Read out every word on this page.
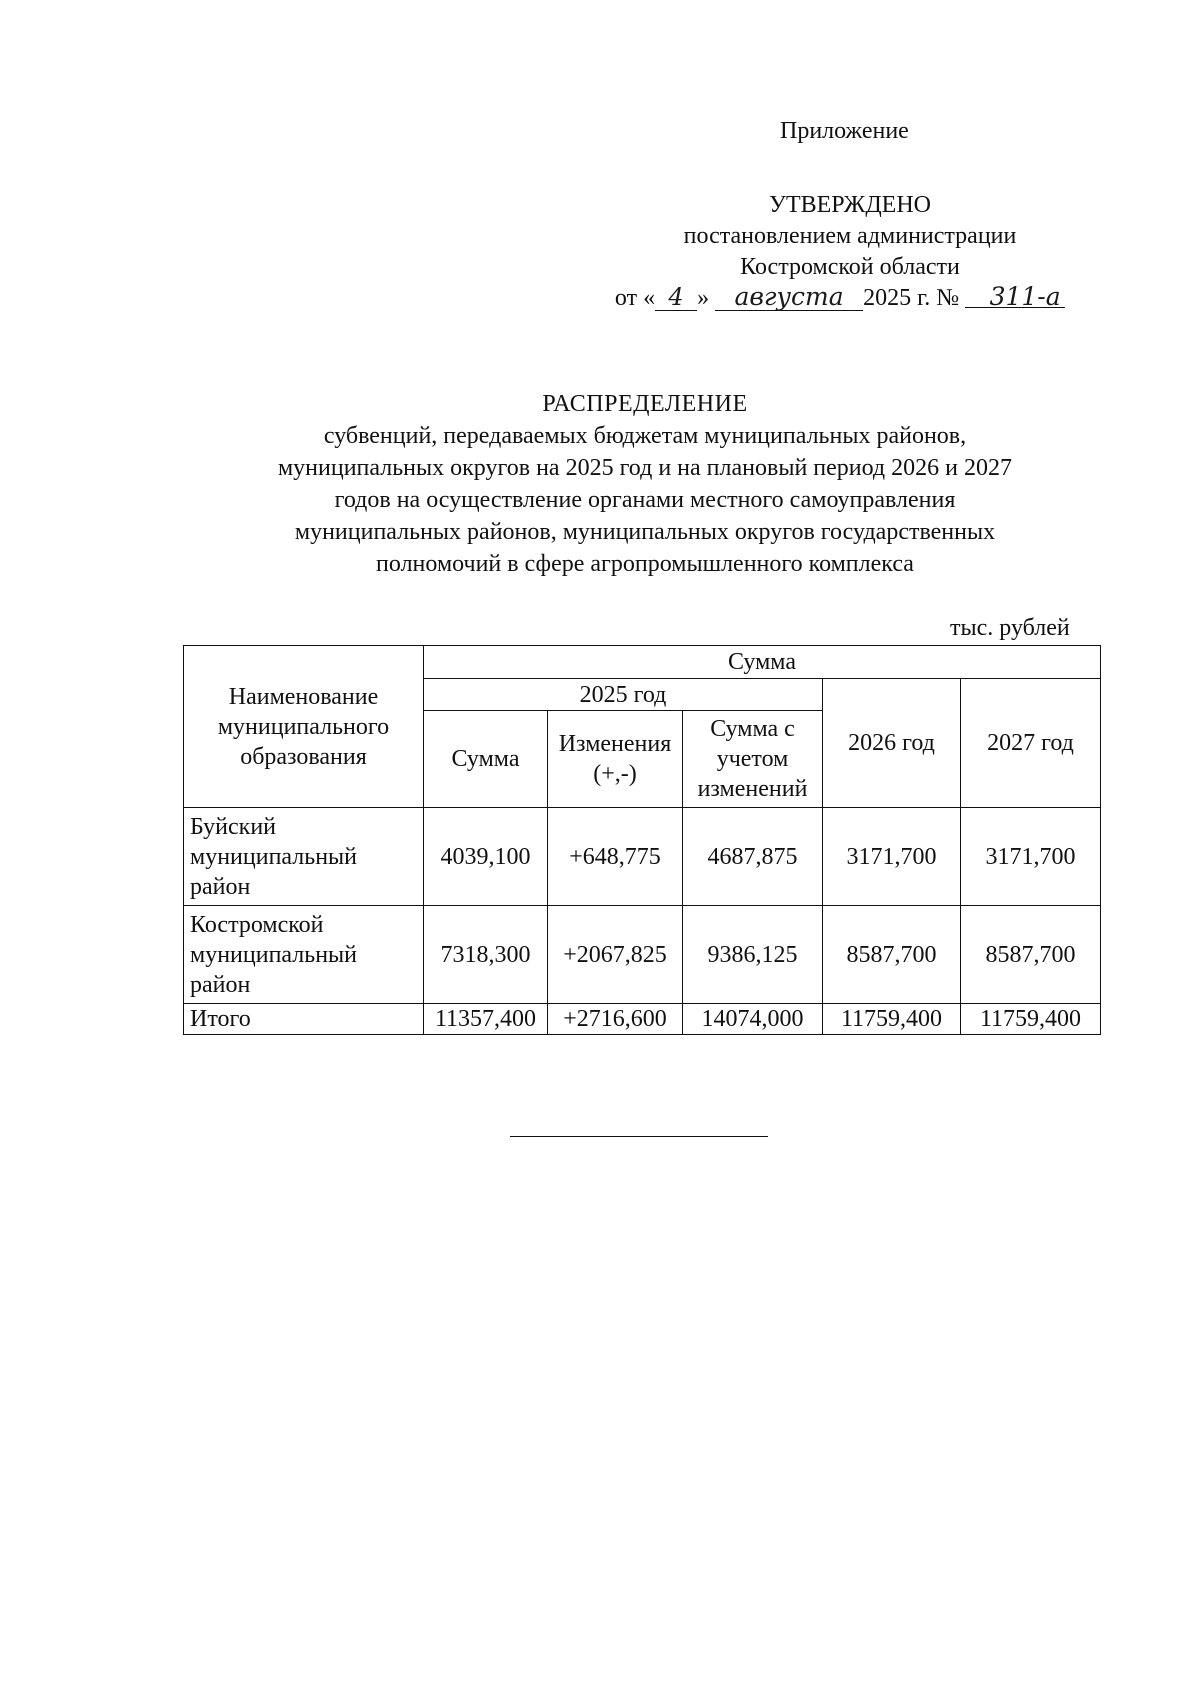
Приложение
УТВЕРЖДЕНО
постановлением администрации
Костромской области
от « 4 » августа 2025 г. № 311-а
РАСПРЕДЕЛЕНИЕ
субвенций, передаваемых бюджетам муниципальных районов,
муниципальных округов на 2025 год и на плановый период 2026 и 2027
годов на осуществление органами местного самоуправления
муниципальных районов, муниципальных округов государственных
полномочий в сфере агропромышленного комплекса
тыс. рублей
Наименование муниципального образования	Сумма				
	2025 год			2026 год	2027 год
	Сумма	Изменения (+,-)	Сумма с учетом изменений		
Буйский муниципальный район	4039,100	+648,775	4687,875	3171,700	3171,700
Костромской муниципальный район	7318,300	+2067,825	9386,125	8587,700	8587,700
Итого	11357,400	+2716,600	14074,000	11759,400	11759,400
